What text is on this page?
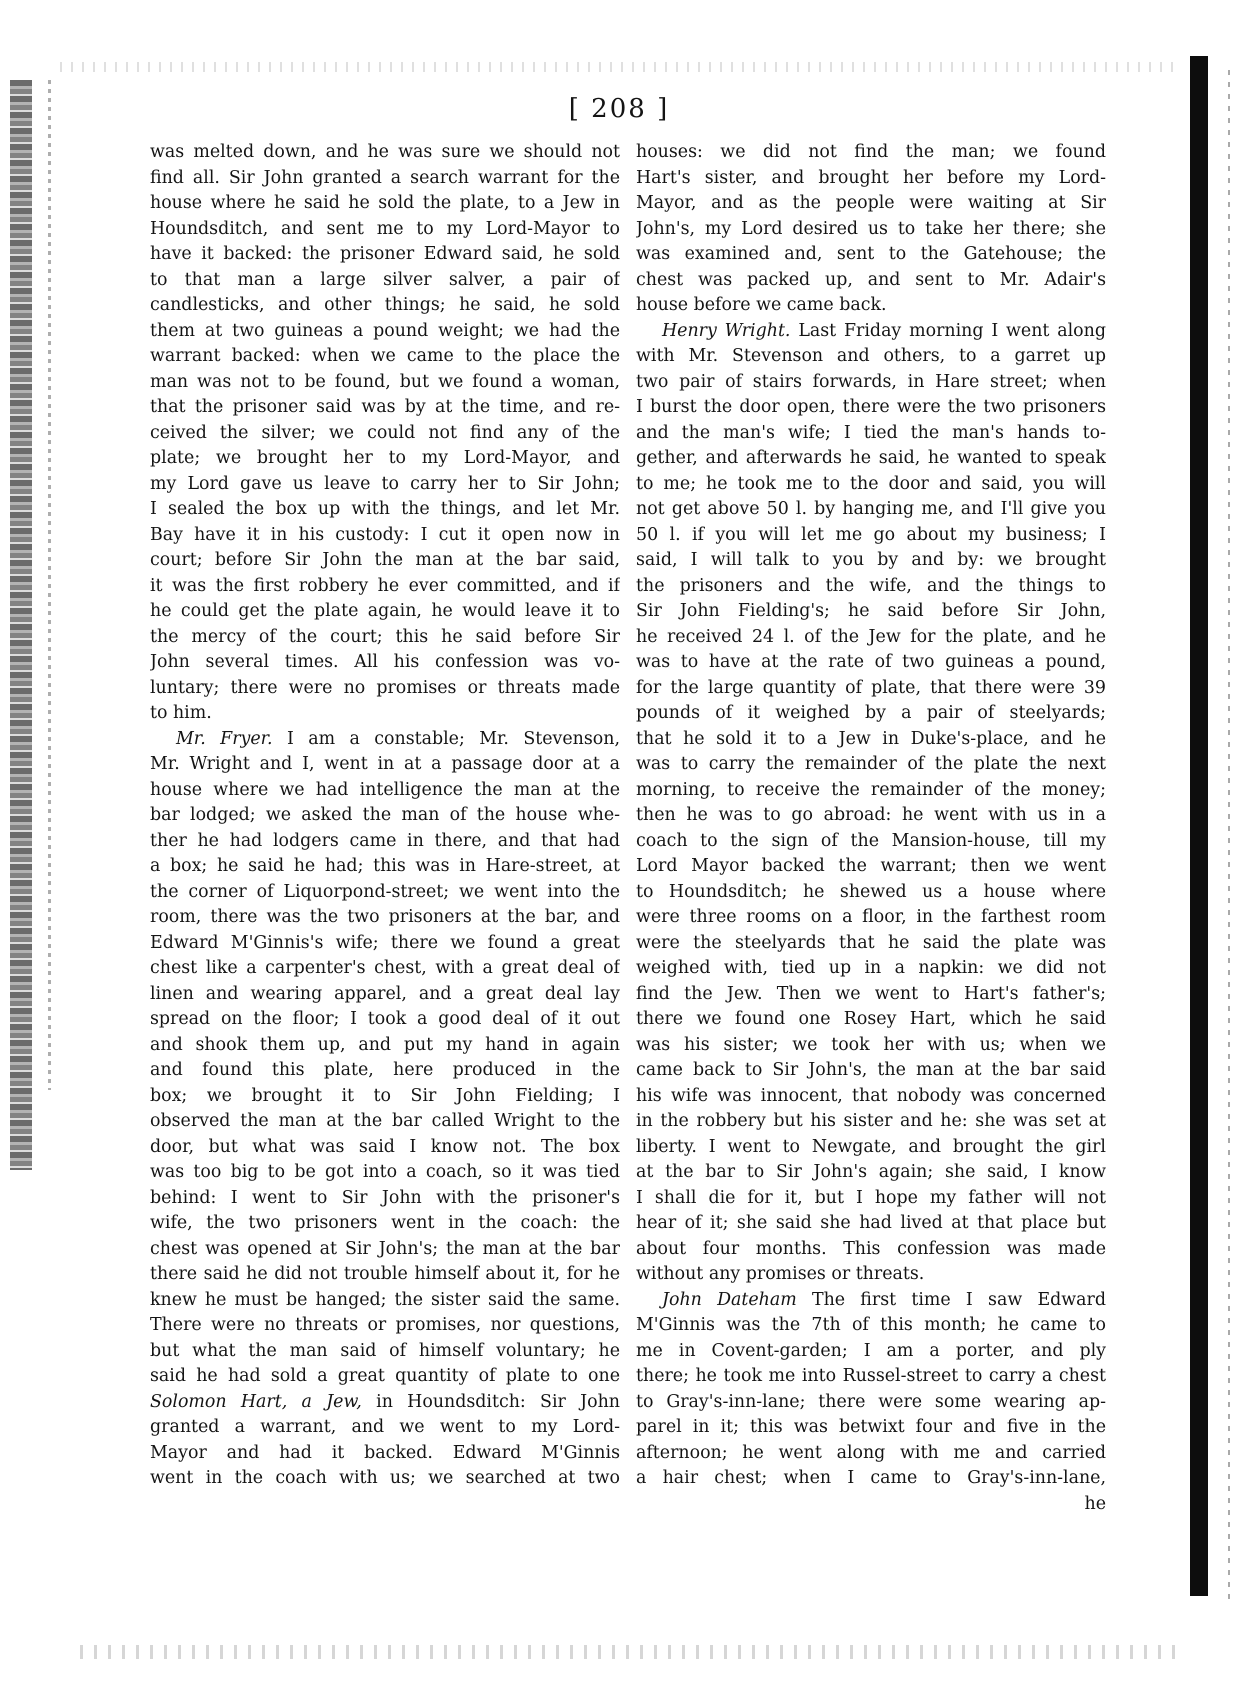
[ 208 ]
was melted down, and he was sure we should not
find all. Sir John granted a search warrant for the
house where he said he sold the plate, to a Jew in
Houndsditch, and sent me to my Lord-Mayor to
have it backed: the prisoner Edward said, he sold
to that man a large silver salver, a pair of
candlesticks, and other things; he said, he sold
them at two guineas a pound weight; we had the
warrant backed: when we came to the place the
man was not to be found, but we found a woman,
that the prisoner said was by at the time, and re-
ceived the silver; we could not find any of the
plate; we brought her to my Lord-Mayor, and
my Lord gave us leave to carry her to Sir John;
I sealed the box up with the things, and let Mr.
Bay have it in his custody: I cut it open now in
court; before Sir John the man at the bar said,
it was the first robbery he ever committed, and if
he could get the plate again, he would leave it to
the mercy of the court; this he said before Sir
John several times. All his confession was vo-
luntary; there were no promises or threats made
to him.
Mr. Fryer. I am a constable; Mr. Stevenson,
Mr. Wright and I, went in at a passage door at a
house where we had intelligence the man at the
bar lodged; we asked the man of the house whe-
ther he had lodgers came in there, and that had
a box; he said he had; this was in Hare-street, at
the corner of Liquorpond-street; we went into the
room, there was the two prisoners at the bar, and
Edward M'Ginnis's wife; there we found a great
chest like a carpenter's chest, with a great deal of
linen and wearing apparel, and a great deal lay
spread on the floor; I took a good deal of it out
and shook them up, and put my hand in again
and found this plate, here produced in the
box; we brought it to Sir John Fielding; I
observed the man at the bar called Wright to the
door, but what was said I know not. The box
was too big to be got into a coach, so it was tied
behind: I went to Sir John with the prisoner's
wife, the two prisoners went in the coach: the
chest was opened at Sir John's; the man at the bar
there said he did not trouble himself about it, for he
knew he must be hanged; the sister said the same.
There were no threats or promises, nor questions,
but what the man said of himself voluntary; he
said he had sold a great quantity of plate to one
Solomon Hart, a Jew, in Houndsditch: Sir John
granted a warrant, and we went to my Lord-
Mayor and had it backed. Edward M'Ginnis
went in the coach with us; we searched at two
houses: we did not find the man; we found
Hart's sister, and brought her before my Lord-
Mayor, and as the people were waiting at Sir
John's, my Lord desired us to take her there; she
was examined and, sent to the Gatehouse; the
chest was packed up, and sent to Mr. Adair's
house before we came back.
Henry Wright. Last Friday morning I went along
with Mr. Stevenson and others, to a garret up
two pair of stairs forwards, in Hare street; when
I burst the door open, there were the two prisoners
and the man's wife; I tied the man's hands to-
gether, and afterwards he said, he wanted to speak
to me; he took me to the door and said, you will
not get above 50 l. by hanging me, and I'll give you
50 l. if you will let me go about my business; I
said, I will talk to you by and by: we brought
the prisoners and the wife, and the things to
Sir John Fielding's; he said before Sir John,
he received 24 l. of the Jew for the plate, and he
was to have at the rate of two guineas a pound,
for the large quantity of plate, that there were 39
pounds of it weighed by a pair of steelyards;
that he sold it to a Jew in Duke's-place, and he
was to carry the remainder of the plate the next
morning, to receive the remainder of the money;
then he was to go abroad: he went with us in a
coach to the sign of the Mansion-house, till my
Lord Mayor backed the warrant; then we went
to Houndsditch; he shewed us a house where
were three rooms on a floor, in the farthest room
were the steelyards that he said the plate was
weighed with, tied up in a napkin: we did not
find the Jew. Then we went to Hart's father's;
there we found one Rosey Hart, which he said
was his sister; we took her with us; when we
came back to Sir John's, the man at the bar said
his wife was innocent, that nobody was concerned
in the robbery but his sister and he: she was set at
liberty. I went to Newgate, and brought the girl
at the bar to Sir John's again; she said, I know
I shall die for it, but I hope my father will not
hear of it; she said she had lived at that place but
about four months. This confession was made
without any promises or threats.
John Dateham The first time I saw Edward
M'Ginnis was the 7th of this month; he came to
me in Covent-garden; I am a porter, and ply
there; he took me into Russel-street to carry a chest
to Gray's-inn-lane; there were some wearing ap-
parel in it; this was betwixt four and five in the
afternoon; he went along with me and carried
a hair chest; when I came to Gray's-inn-lane,
he
